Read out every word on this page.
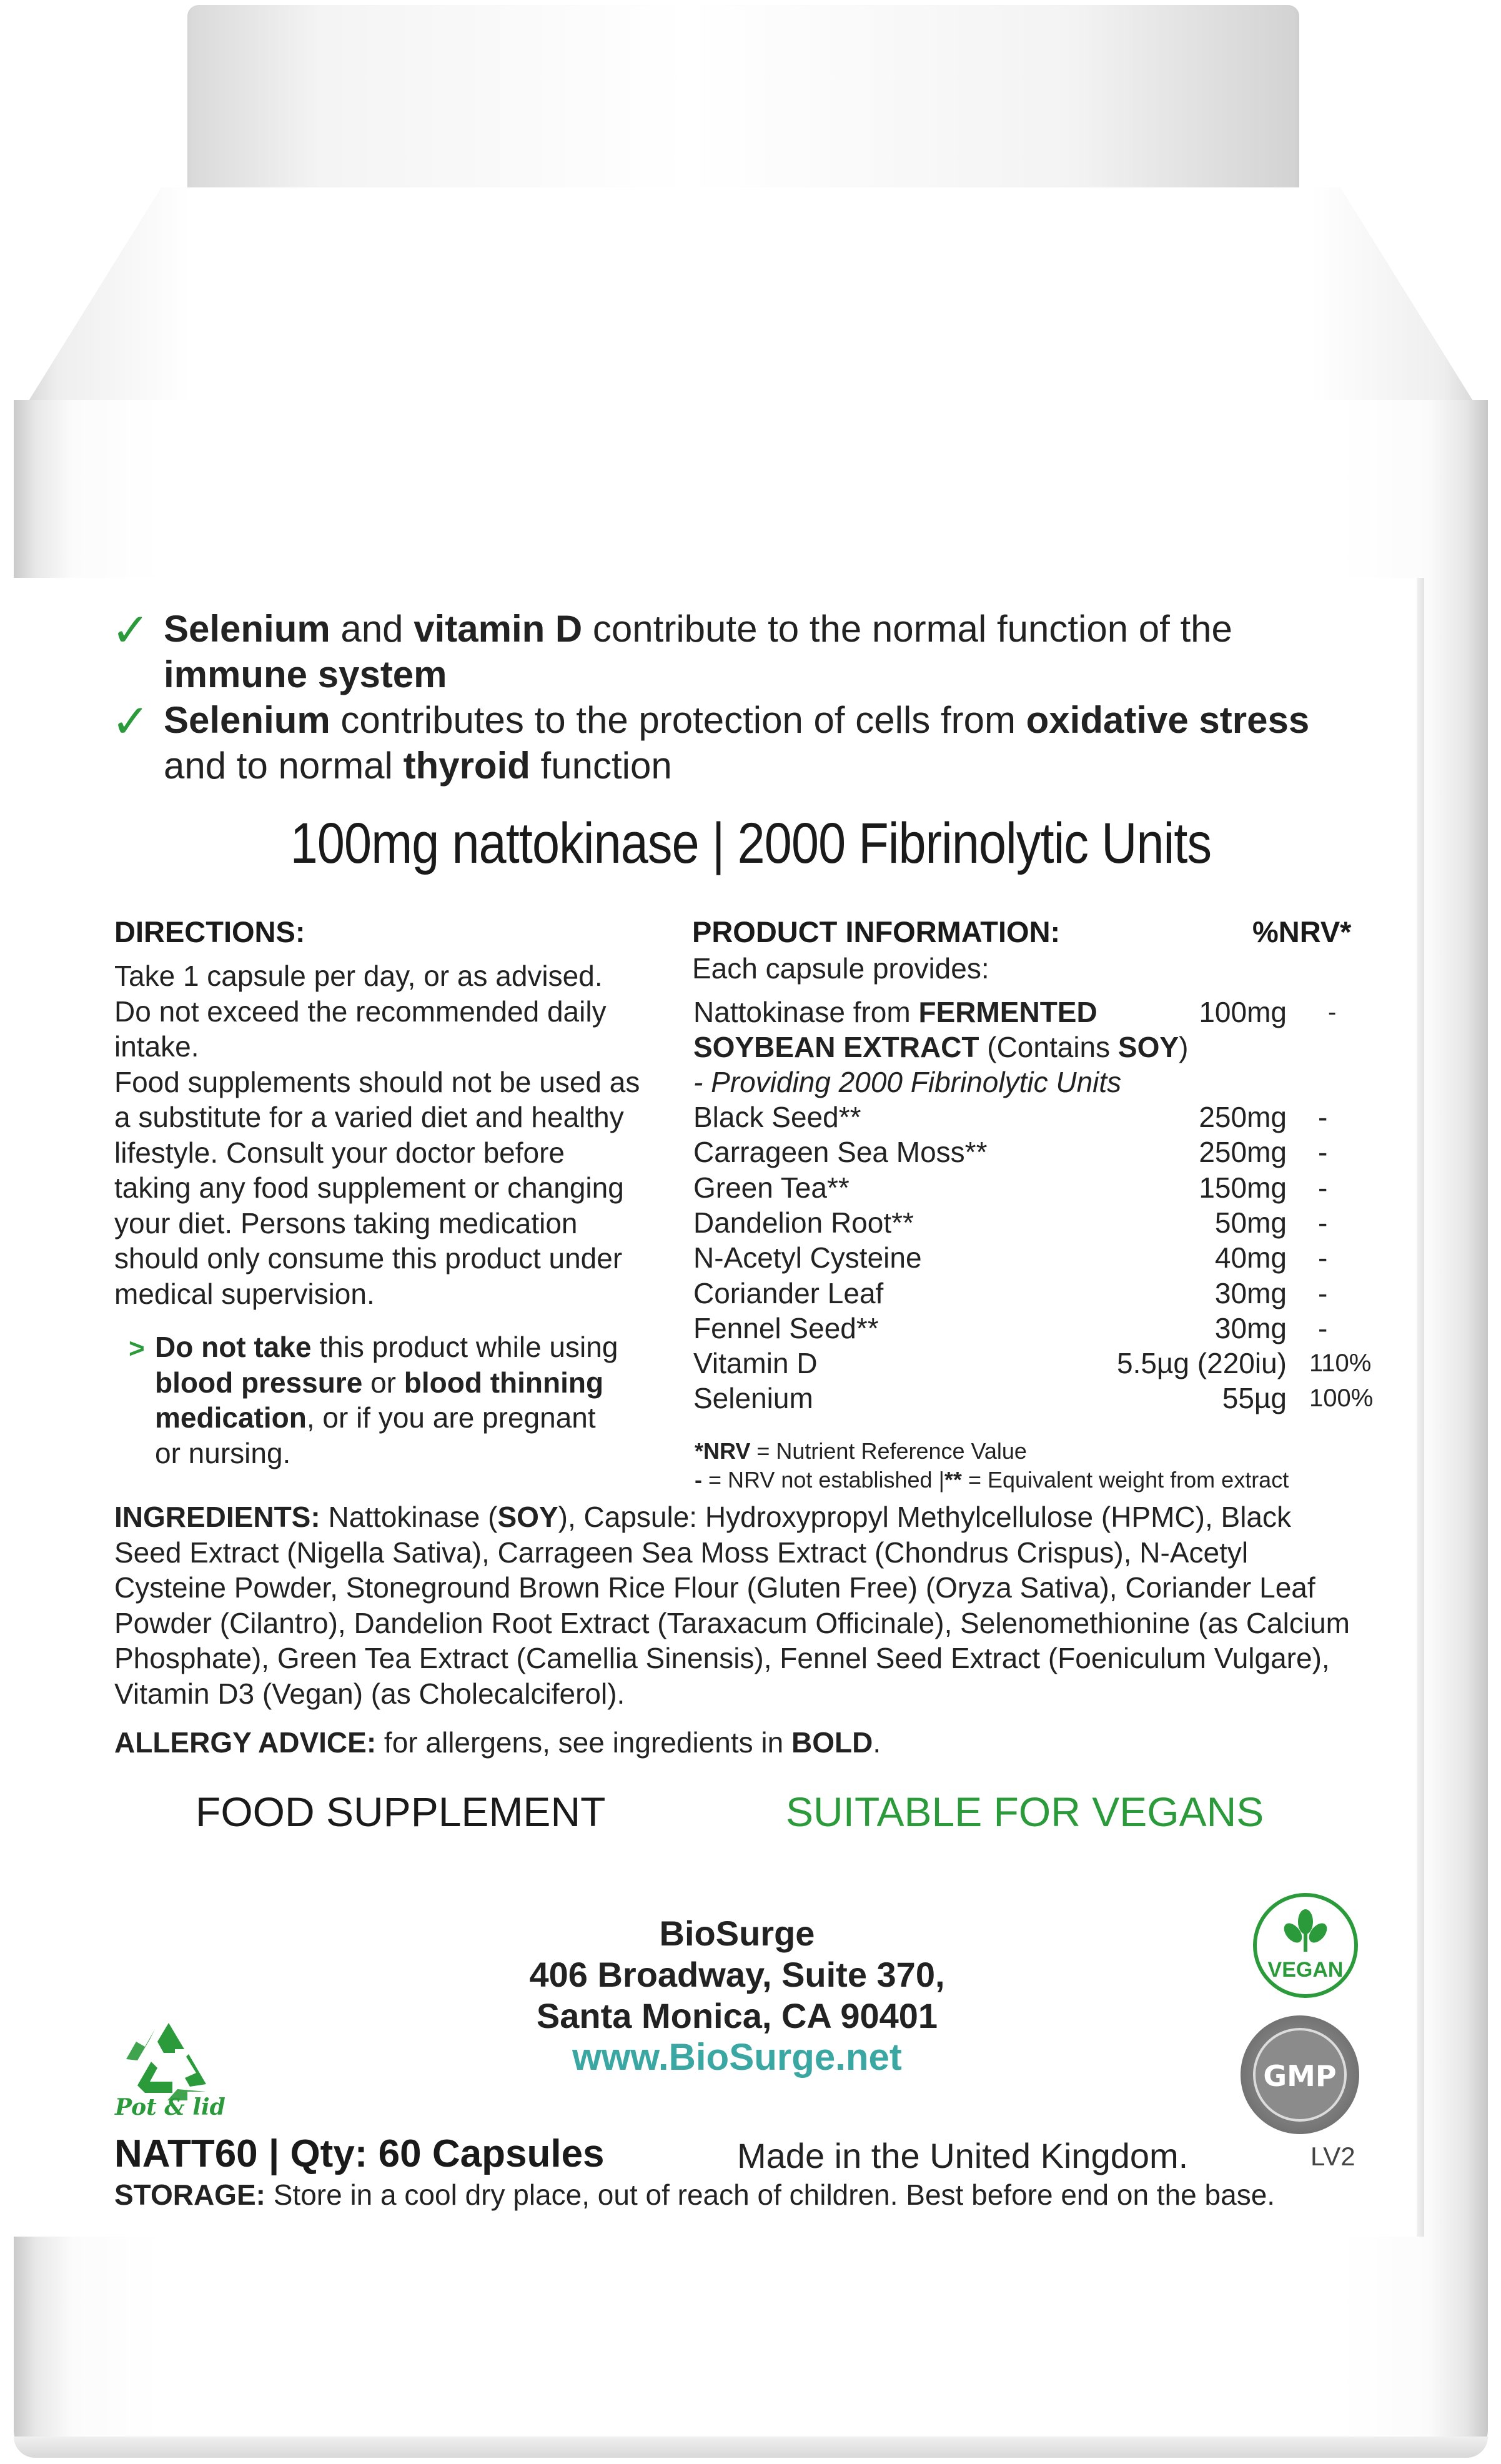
✓ Selenium and vitamin D contribute to the normal function of the
immune system
✓ Selenium contributes to the protection of cells from oxidative stress
and to normal thyroid function
100mg nattokinase | 2000 Fibrinolytic Units
DIRECTIONS:
Take 1 capsule per day, or as advised.
Do not exceed the recommended daily
intake.
Food supplements should not be used as
a substitute for a varied diet and healthy
lifestyle. Consult your doctor before
taking any food supplement or changing
your diet. Persons taking medication
should only consume this product under
medical supervision.
> Do not take this product while using
blood pressure or blood thinning
medication, or if you are pregnant
or nursing.
PRODUCT INFORMATION:	%NRV*
Each capsule provides:
Nattokinase from FERMENTED	100mg	-
SOYBEAN EXTRACT (Contains SOY)
- Providing 2000 Fibrinolytic Units
Black Seed**	250mg -
Carrageen Sea Moss**	250mg -
Green Tea**	150mg -
Dandelion Root**	50mg -
N-Acetyl Cysteine	40mg -
Coriander Leaf	30mg -
Fennel Seed**	30mg -
Vitamin D	5.5µg (220iu) 110%
Selenium	55µg 100%
*NRV = Nutrient Reference Value
- = NRV not established |** = Equivalent weight from extract
INGREDIENTS: Nattokinase (SOY), Capsule: Hydroxypropyl Methylcellulose (HPMC), Black
Seed Extract (Nigella Sativa), Carrageen Sea Moss Extract (Chondrus Crispus), N-Acetyl
Cysteine Powder, Stoneground Brown Rice Flour (Gluten Free) (Oryza Sativa), Coriander Leaf
Powder (Cilantro), Dandelion Root Extract (Taraxacum Officinale), Selenomethionine (as Calcium
Phosphate), Green Tea Extract (Camellia Sinensis), Fennel Seed Extract (Foeniculum Vulgare),
Vitamin D3 (Vegan) (as Cholecalciferol).
ALLERGY ADVICE: for allergens, see ingredients in BOLD.
FOOD SUPPLEMENT	SUITABLE FOR VEGANS
BioSurge
406 Broadway, Suite 370,
Santa Monica, CA 90401
www.BioSurge.net
Pot & lid
VEGAN
GMP
NATT60 | Qty: 60 Capsules	Made in the United Kingdom.	LV2
STORAGE: Store in a cool dry place, out of reach of children. Best before end on the base.
